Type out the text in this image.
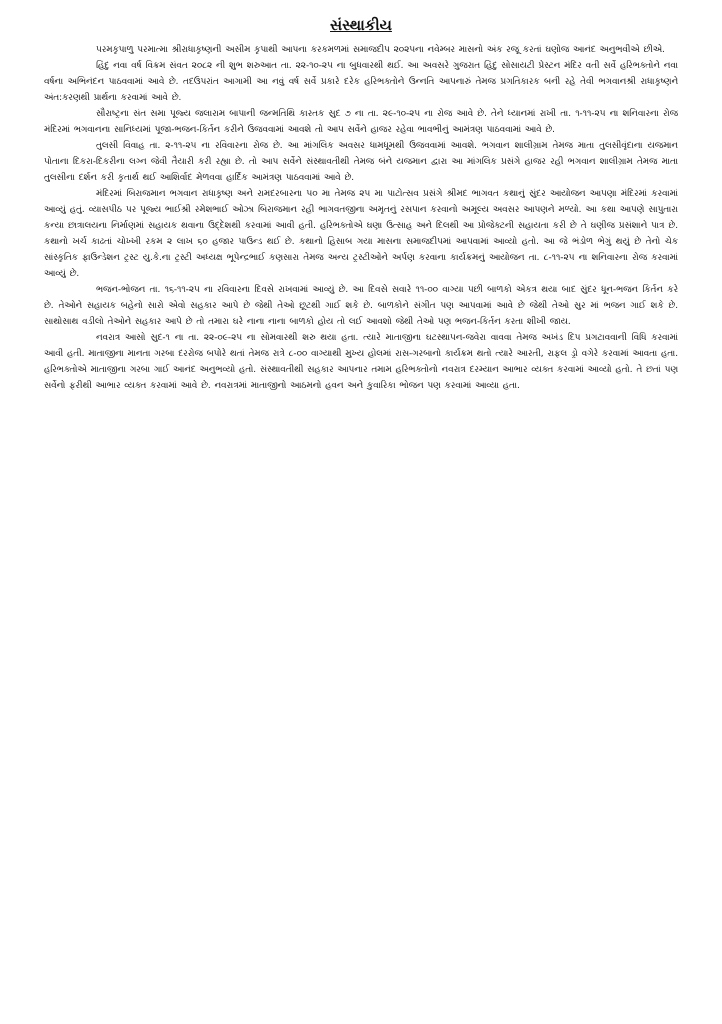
સંસ્થાકીય

પરમકૃપાળુ પરમાત્મા શ્રીરાધાકૃષ્ણની અસીમ કૃપાથી આપના કરકમળમાં સમાજદીપ ૨૦૨૫ના નવેમ્બર માસનો અંક રજૂ કરતાં ઘણોજ આનંદ અનુભવીએ છીએ.

હિંદુ નવા વર્ષ વિક્રમ સંવત ૨૦૮૨ ની શુભ શરુઆત તા. ૨૨-૧૦-૨૫ ના બુધવારથી થઈ. આ અવસરે ગુજરાત હિંદુ સોસાયટી પ્રેસ્ટન મંદિર વતી સર્વે હરિભક્તોને નવા વર્ષના અભિનંદન પાઠવવામાં આવે છે. તદઉપરાંત આગામી આ નવું વર્ષ સર્વે પ્રકારે દરેક હરિભક્તોને ઉન્નતિ આપનારું તેમજ પ્રગતિકારક બની રહે તેવી ભગવાનશ્રી રાધાકૃષ્ણને અંત:કરણથી પ્રાર્થના કરવામાં આવે છે.

સૌરાષ્ટ્રના સંત સમા પૂજ્ય જલારામ બાપાની જન્મતિથિ કારતક સુદ ૭ ના તા. ૨૯-૧૦-૨૫ ના રોજ આવે છે. તેને ધ્યાનમાં રાખી તા. ૧-૧૧-૨૫ ના શનિવારના રોજ મંદિરમાં ભગવાનના સાનિધ્યમાં પૂજા-ભજન-કિર્તન કરીને ઉજવવામાં આવશે તો આપ સર્વેને હાજર રહેવા ભાવભીનું આમંત્રણ પાઠવવામાં આવે છે.

તુલસી વિવાહ તા. ૨-૧૧-૨૫ ના રવિવારના રોજ છે. આ માંગલિક અવસર ધામધૂમથી ઉજવવામાં આવશે. ભગવાન શાલીગ્રામ તેમજ માતા તુલસીવૃંદાના યજમાન પોતાના દિકરા-દિકરીના લગ્ન જેવી તૈયારી કરી રહ્યા છે. તો આપ સર્વેને સંસ્થાવતીથી તેમજ બંને યજમાન દ્વારા આ માંગલિક પ્રસંગે હાજર રહી ભગવાન શાલીગ્રામ તેમજ માતા તુલસીના દર્શન કરી કૃતાર્થ થઈ આશિર્વાદ મેળવવા હાર્દિક આમંત્રણ પાઠવવામાં આવે છે.

મંદિરમાં બિરાજમાન ભગવાન રાધાકૃષ્ણ અને રામદરબારના ૫૦ મા તેમજ ૨૫ મા પાટોત્સવ પ્રસંગે શ્રીમદ ભાગવત કથાનું સુંદર આયોજન આપણા મંદિરમાં કરવામાં આવ્યું હતું. વ્યાસપીઠ પર પૂજ્ય ભાઈશ્રી રમેશભાઈ ઓઝા બિરાજમાન રહી ભાગવતજીના અમૃતનું રસપાન કરવાનો અમૂલ્ય અવસર આપણને મળ્યો. આ કથા આપણે સાપુતારા કન્યા છાત્રાલયના નિર્માણમાં સહાયક થવાના ઉદ્દેશથી કરવામાં આવી હતી. હરિભક્તોએ ઘણા ઉત્સાહ અને દિલથી આ પ્રોજેક્ટની સહાયતા કરી છે તે ઘણીજ પ્રસંશાને પાત્ર છે. કથાનો ખર્ચ કાઢતાં ચોખ્ખી રકમ ૨ લાખ ૬૦ હજાર પાઉન્ડ થઈ છે. કથાનો હિસાબ ગયા માસના સમાજદીપમાં આપવામાં આવ્યો હતો. આ જે ભંડોળ ભેગું થયું છે તેનો ચેક સાંસ્કૃતિક ફાઉન્ડેશન ટ્રસ્ટ યુ.કે.ના ટ્રસ્ટી અધ્યક્ષ ભૂપેન્દ્રભાઈ કણસારા તેમજ અન્ય ટ્રસ્ટીઓને અર્પણ કરવાના કાર્યક્રમનું આયોજન તા. ૮-૧૧-૨૫ ના શનિવારના રોજ કરવામાં આવ્યું છે.

ભજન-ભોજન તા. ૧૬-૧૧-૨૫ ના રવિવારના દિવસે રાખવામાં આવ્યું છે. આ દિવસે સવારે ૧૧-૦૦ વાગ્યા પછી બાળકો એકત્ર થયા બાદ સુંદર ધૂન-ભજન કિર્તન કરે છે. તેઓને સહાયક બહેનો સારો એવો સહકાર આપે છે જેથી તેઓ છૂટથી ગાઈ શકે છે. બાળકોને સંગીત પણ આપવામાં આવે છે જેથી તેઓ સુર માં ભજન ગાઈ શકે છે. સાથોસાથ વડીલો તેઓને સહકાર આપે છે તો તમારા ઘરે નાના નાના બાળકો હોય તો લઈ આવશો જેથી તેઓ પણ ભજન-કિર્તન કરતા શીખી જાય.

નવરાત્ર આસો સુદ-૧ ના તા. ૨૨-૦૯-૨૫ ના સોમવારથી શરુ થયા હતા. ત્યારે માતાજીના ઘટસ્થાપન-જવેરા વાવવા તેમજ અખંડ દિપ પ્રગટાવવાની વિધિ કરવામાં આવી હતી. માતાજીના માનતા ગરબા દરરોજ બપોરે થતાં તેમજ રાત્રે ૮-૦૦ વાગ્યાથી મુખ્ય હોલમાં રાસ-ગરબાનો કાર્યક્રમ થતો ત્યારે આરતી, રાફલ ડ્રો વગેરે કરવામાં આવતા હતા. હરિભક્તોએ માતાજીના ગરબા ગાઈ આનંદ અનુભવ્યો હતો. સંસ્થાવતીથી સહકાર આપનાર તમામ હરિભક્તોનો નવરાત્ર દરમ્યાન આભાર વ્યક્ત કરવામાં આવ્યો હતો. તે છતાં પણ સર્વેનો ફરીથી આભાર વ્યક્ત કરવામાં આવે છે. નવરાત્રમાં માતાજીનો આઠમનો હવન અને કુવારિકા ભોજન પણ કરવામાં આવ્યા હતા.
